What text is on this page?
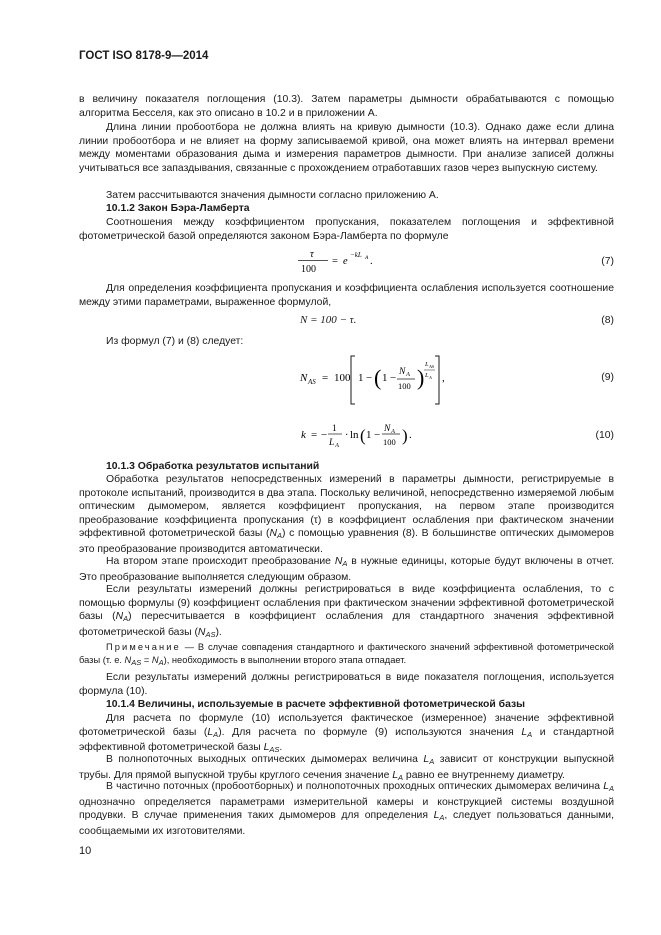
ГОСТ ISO 8178-9—2014
в величину показателя поглощения (10.3). Затем параметры дымности обрабатываются с помощью алгоритма Бесселя, как это описано в 10.2 и в приложении А.
Длина линии пробоотбора не должна влиять на кривую дымности (10.3). Однако даже если длина линии пробоотбора и не влияет на форму записываемой кривой, она может влиять на интервал времени между моментами образования дыма и измерения параметров дымности. При анализе записей должны учитываться все запаздывания, связанные с прохождением отработавших газов через выпускную систему.
Затем рассчитываются значения дымности согласно приложению А.
10.1.2 Закон Бэра-Ламберта
Соотношения между коэффициентом пропускания, показателем поглощения и эффективной фотометрической базой определяются законом Бэра-Ламберта по формуле
τ
100
= e
−kL A .	(7)
Для определения коэффициента пропускания и коэффициента ослабления используется соотношение между этими параметрами, выраженное формулой,
N = 100 − τ.	(8)
Из формул (7) и (8) следует:
N AS = 100 1 − ( 1 − N A
100 )
L AS
L A ,	(9)
k = − 1
L A
· ln ( 1 − N A
100 ) .	(10)
10.1.3 Обработка результатов испытаний
Обработка результатов непосредственных измерений в параметры дымности, регистрируемые в протоколе испытаний, производится в два этапа. Поскольку величиной, непосредственно измеряемой любым оптическим дымомером, является коэффициент пропускания, на первом этапе производится преобразование коэффициента пропускания (τ) в коэффициент ослабления при фактическом значении эффективной фотометрической базы $(N_A)$ с помощью уравнения (8). В большинстве оптических дымомеров это преобразование производится автоматически.
На втором этапе происходит преобразование $N_A$ в нужные единицы, которые будут включены в отчет. Это преобразование выполняется следующим образом.
Если результаты измерений должны регистрироваться в виде коэффициента ослабления, то с помощью формулы (9) коэффициент ослабления при фактическом значении эффективной фотометрической базы $(N_A)$ пересчитывается в коэффициент ослабления для стандартного значения эффективной фотометрической базы $(N_{AS})$.
Примечание — В случае совпадения стандартного и фактического значений эффективной фотометрической базы (т. е. $N_{AS} = N_A$), необходимость в выполнении второго этапа отпадает.
Если результаты измерений должны регистрироваться в виде показателя поглощения, используется формула (10).
10.1.4 Величины, используемые в расчете эффективной фотометрической базы
Для расчета по формуле (10) используется фактическое (измеренное) значение эффективной фотометрической базы $(L_A)$. Для расчета по формуле (9) используются значения $L_A$ и стандартной эффективной фотометрической базы $L_{AS}$.
В полнопоточных выходных оптических дымомерах величина $L_A$ зависит от конструкции выпускной трубы. Для прямой выпускной трубы круглого сечения значение $L_A$ равно ее внутреннему диаметру.
В частично поточных (пробоотборных) и полнопоточных проходных оптических дымомерах величина $L_A$ однозначно определяется параметрами измерительной камеры и конструкцией системы воздушной продувки. В случае применения таких дымомеров для определения $L_A$, следует пользоваться данными, сообщаемыми их изготовителями.
10
